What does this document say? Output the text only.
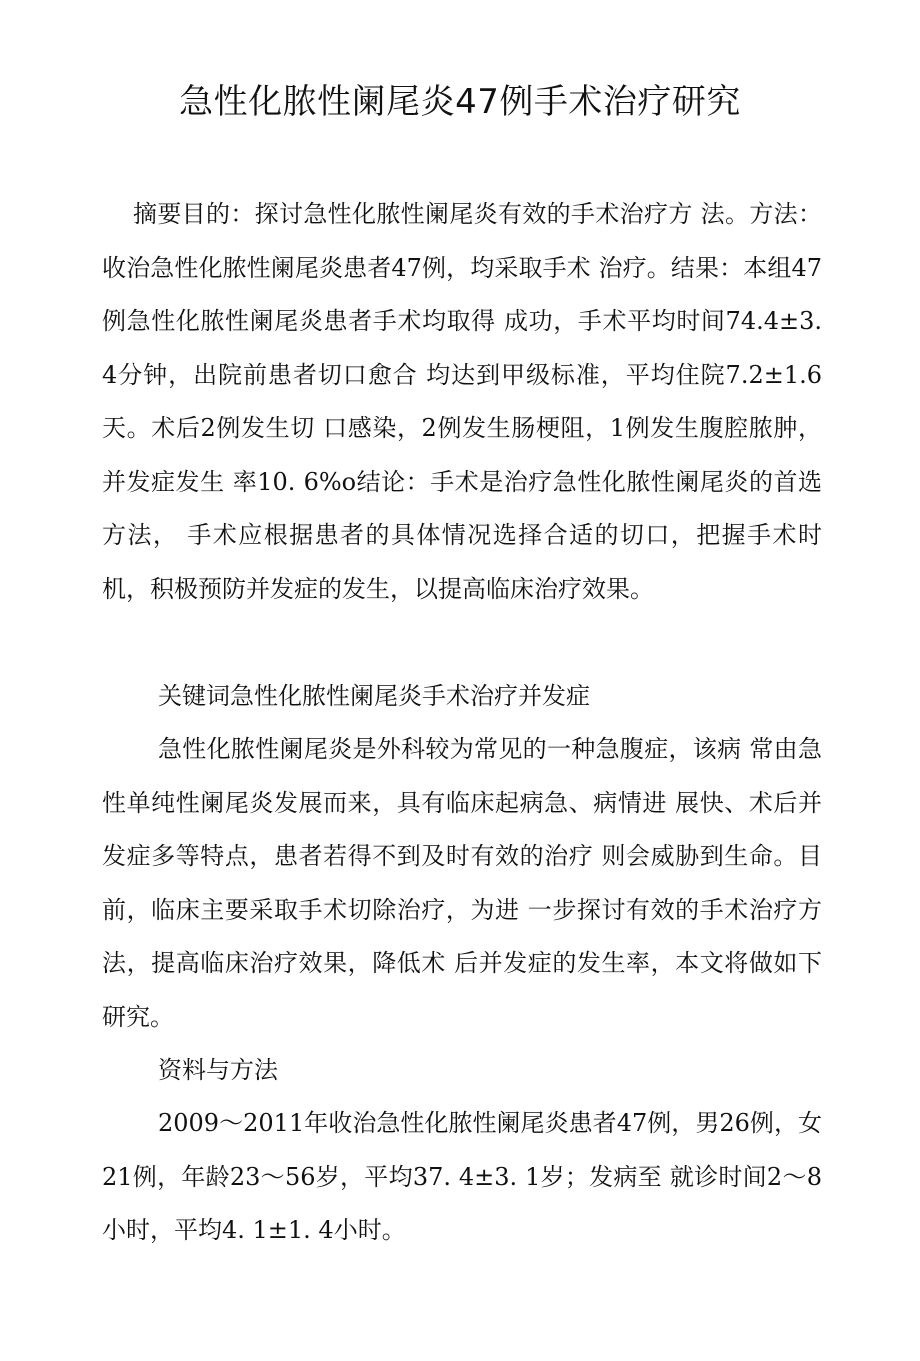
急性化脓性阑尾炎47例手术治疗研究

摘要目的：探讨急性化脓性阑尾炎有效的手术治疗方 法。方法：收治急性化脓性阑尾炎患者47例，均采取手术 治疗。结果：本组47例急性化脓性阑尾炎患者手术均取得 成功，手术平均时间74.4±3. 4分钟，出院前患者切口愈合 均达到甲级标准，平均住院7.2±1.6天。术后2例发生切 口感染，2例发生肠梗阻，1例发生腹腔脓肿，并发症发生 率10. 6%o结论：手术是治疗急性化脓性阑尾炎的首选方法， 手术应根据患者的具体情况选择合适的切口，把握手术时 机，积极预防并发症的发生，以提高临床治疗效果。

关键词急性化脓性阑尾炎手术治疗并发症

急性化脓性阑尾炎是外科较为常见的一种急腹症，该病 常由急性单纯性阑尾炎发展而来，具有临床起病急、病情进 展快、术后并发症多等特点，患者若得不到及时有效的治疗 则会威胁到生命。目前，临床主要采取手术切除治疗，为进 一步探讨有效的手术治疗方法，提高临床治疗效果，降低术 后并发症的发生率，本文将做如下研究。

资料与方法

2009～2011年收治急性化脓性阑尾炎患者47例，男26例，女21例，年龄23～56岁，平均37. 4±3. 1岁；发病至 就诊时间2～8小时，平均4. 1±1. 4小时。
